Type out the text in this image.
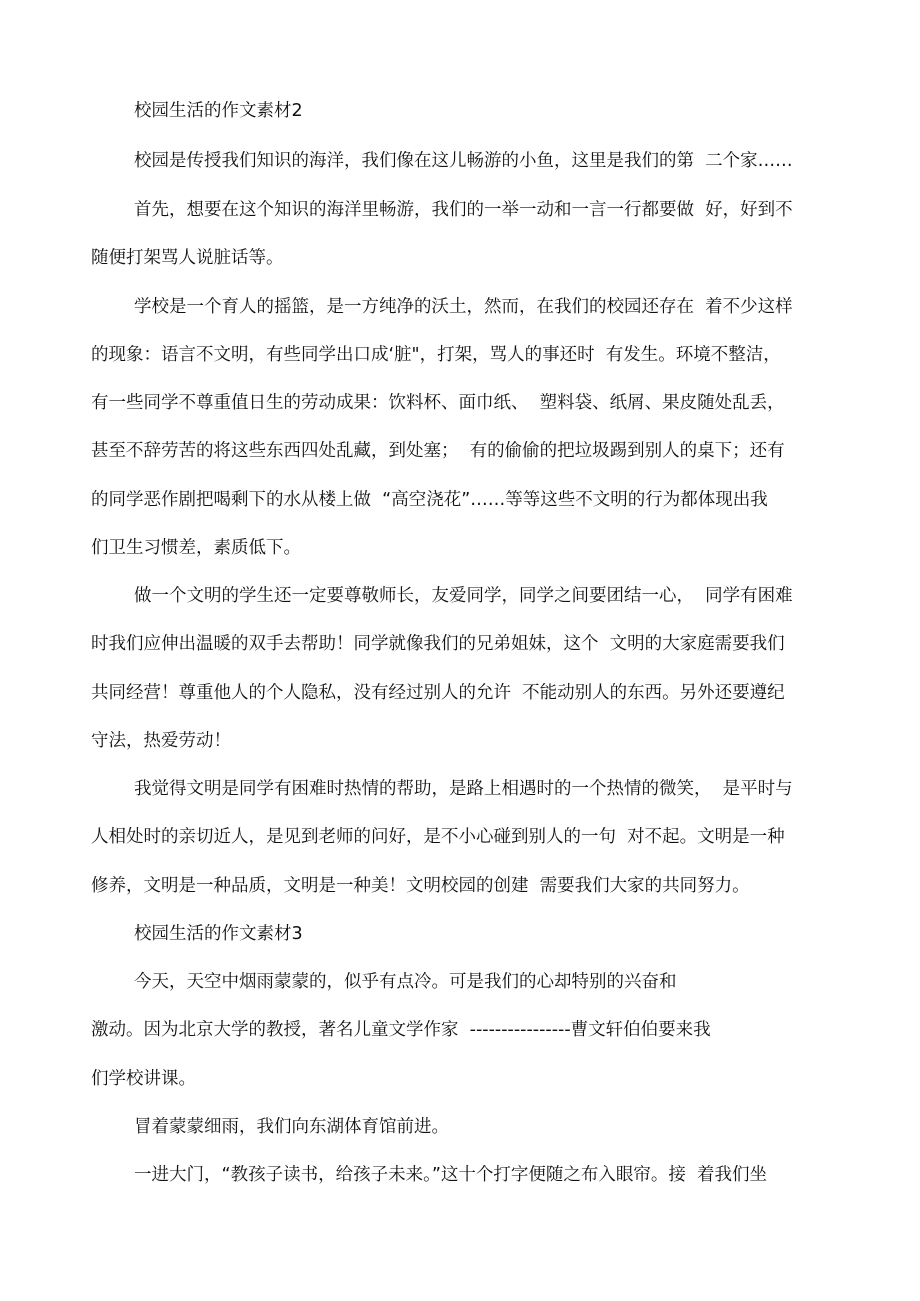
校园生活的作文素材2

校园是传授我们知识的海洋，我们像在这儿畅游的小鱼，这里是我们的第  二个家……

首先，想要在这个知识的海洋里畅游，我们的一举一动和一言一行都要做  好，好到不

随便打架骂人说脏话等。

学校是一个育人的摇篮，是一方纯净的沃土，然而，在我们的校园还存在  着不少这样

的现象：语言不文明，有些同学出口成‘脏"，打架，骂人的事还时  有发生。环境不整洁，

有一些同学不尊重值日生的劳动成果：饮料杯、面巾纸、  塑料袋、纸屑、果皮随处乱丢，

甚至不辞劳苦的将这些东西四处乱藏，到处塞；  有的偷偷的把垃圾踢到别人的桌下；还有

的同学恶作剧把喝剩下的水从楼上做  “高空浇花”……等等这些不文明的行为都体现出我

们卫生习惯差，素质低下。

做一个文明的学生还一定要尊敬师长，友爱同学，同学之间要团结一心，  同学有困难

时我们应伸出温暖的双手去帮助！同学就像我们的兄弟姐妹，这个  文明的大家庭需要我们

共同经营！尊重他人的个人隐私，没有经过别人的允许  不能动别人的东西。另外还要遵纪

守法，热爱劳动！

我觉得文明是同学有困难时热情的帮助，是路上相遇时的一个热情的微笑，  是平时与

人相处时的亲切近人，是见到老师的问好，是不小心碰到别人的一句  对不起。文明是一种

修养，文明是一种品质，文明是一种美！文明校园的创建  需要我们大家的共同努力。

校园生活的作文素材3

今天，天空中烟雨蒙蒙的，似乎有点冷。可是我们的心却特别的兴奋和

激动。因为北京大学的教授，著名儿童文学作家  ----------------曹文轩伯伯要来我

们学校讲课。

冒着蒙蒙细雨，我们向东湖体育馆前进。

一进大门，“教孩子读书，给孩子未来。”这十个打字便随之布入眼帘。接  着我们坐
